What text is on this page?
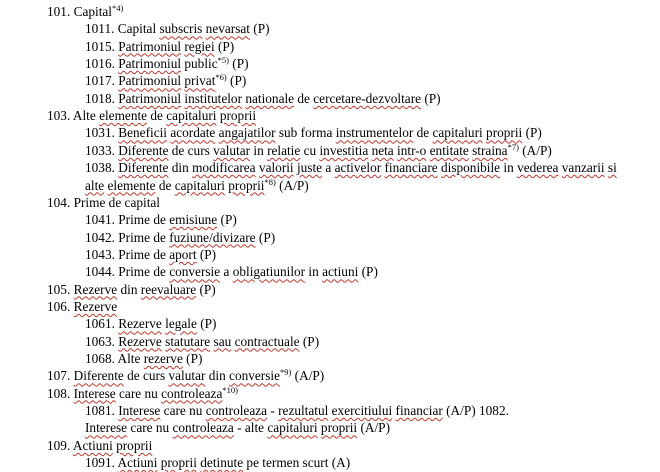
101. Capital$^{*4)}$
1011. Capital subscris nevarsat (P)
1015. Patrimoniul regiei (P)
1016. Patrimoniul public$^{*5)}$ (P)
1017. Patrimoniul privat$^{*6)}$ (P)
1018. Patrimoniul institutelor nationale de cercetare-dezvoltare (P)
103. Alte elemente de capitaluri proprii
1031. Beneficii acordate angajatilor sub forma instrumentelor de capitaluri proprii (P)
1033. Diferente de curs valutar in relatie cu investitia neta intr-o entitate straina$^{*7)}$ (A/P)
1038. Diferente din modificarea valorii juste a activelor financiare disponibile in vederea vanzarii si
alte elemente de capitaluri proprii$^{*8)}$ (A/P)
104. Prime de capital
1041. Prime de emisiune (P)
1042. Prime de fuziune/divizare (P)
1043. Prime de aport (P)
1044. Prime de conversie a obligatiunilor in actiuni (P)
105. Rezerve din reevaluare (P)
106. Rezerve
1061. Rezerve legale (P)
1063. Rezerve statutare sau contractuale (P)
1068. Alte rezerve (P)
107. Diferente de curs valutar din conversie$^{*9)}$ (A/P)
108. Interese care nu controleaza$^{*10)}$
1081. Interese care nu controleaza - rezultatul exercitiului financiar (A/P) 1082.
Interese care nu controleaza - alte capitaluri proprii (A/P)
109. Actiuni proprii
1091. Actiuni proprii detinute pe termen scurt (A)
